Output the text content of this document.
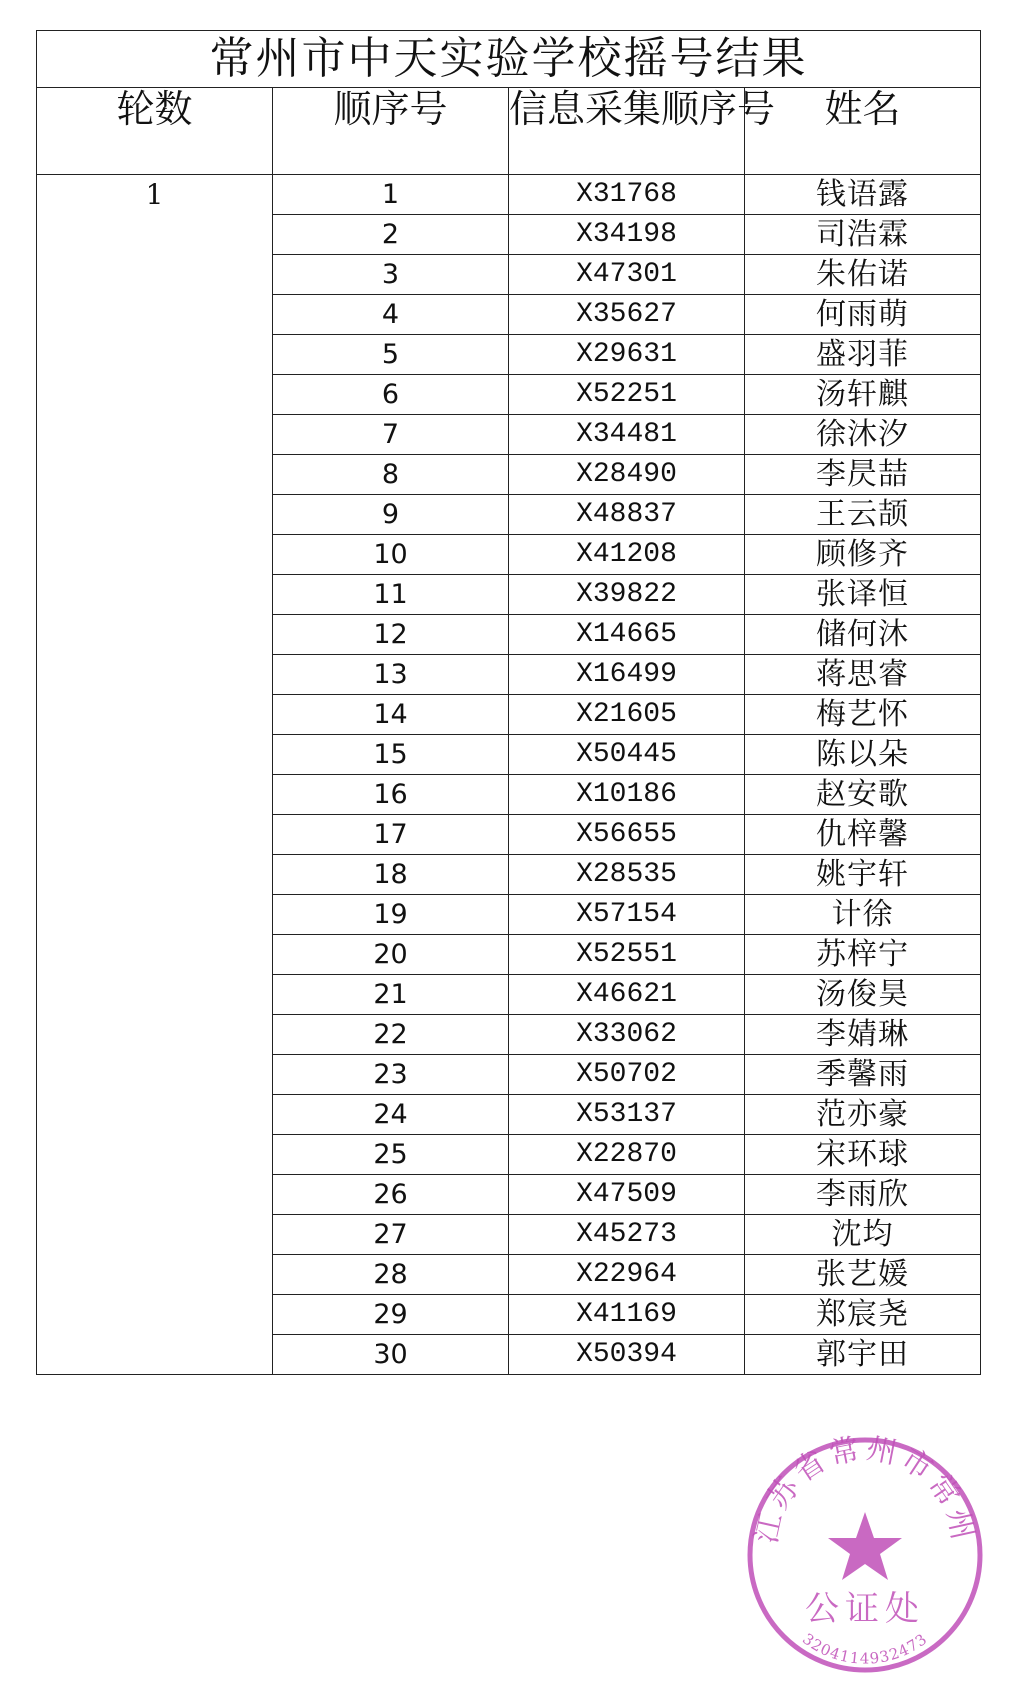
常州市中天实验学校摇号结果			
轮数	顺序号	信息采集顺序号	姓名
1	1	X31768	钱语露
	2	X34198	司浩霖
	3	X47301	朱佑诺
	4	X35627	何雨萌
	5	X29631	盛羽菲
	6	X52251	汤轩麒
	7	X34481	徐沐汐
	8	X28490	李昃喆
	9	X48837	王云颉
	10	X41208	顾修齐
	11	X39822	张译恒
	12	X14665	储何沐
	13	X16499	蒋思睿
	14	X21605	梅艺怀
	15	X50445	陈以朵
	16	X10186	赵安歌
	17	X56655	仇梓馨
	18	X28535	姚宇轩
	19	X57154	计徐
	20	X52551	苏梓宁
	21	X46621	汤俊昊
	22	X33062	李婧琳
	23	X50702	季馨雨
	24	X53137	范亦豪
	25	X22870	宋环球
	26	X47509	李雨欣
	27	X45273	沈均
	28	X22964	张艺媛
	29	X41169	郑宸尧
	30	X50394	郭宇田
江苏省常州市常州
公证处
3204114932473
